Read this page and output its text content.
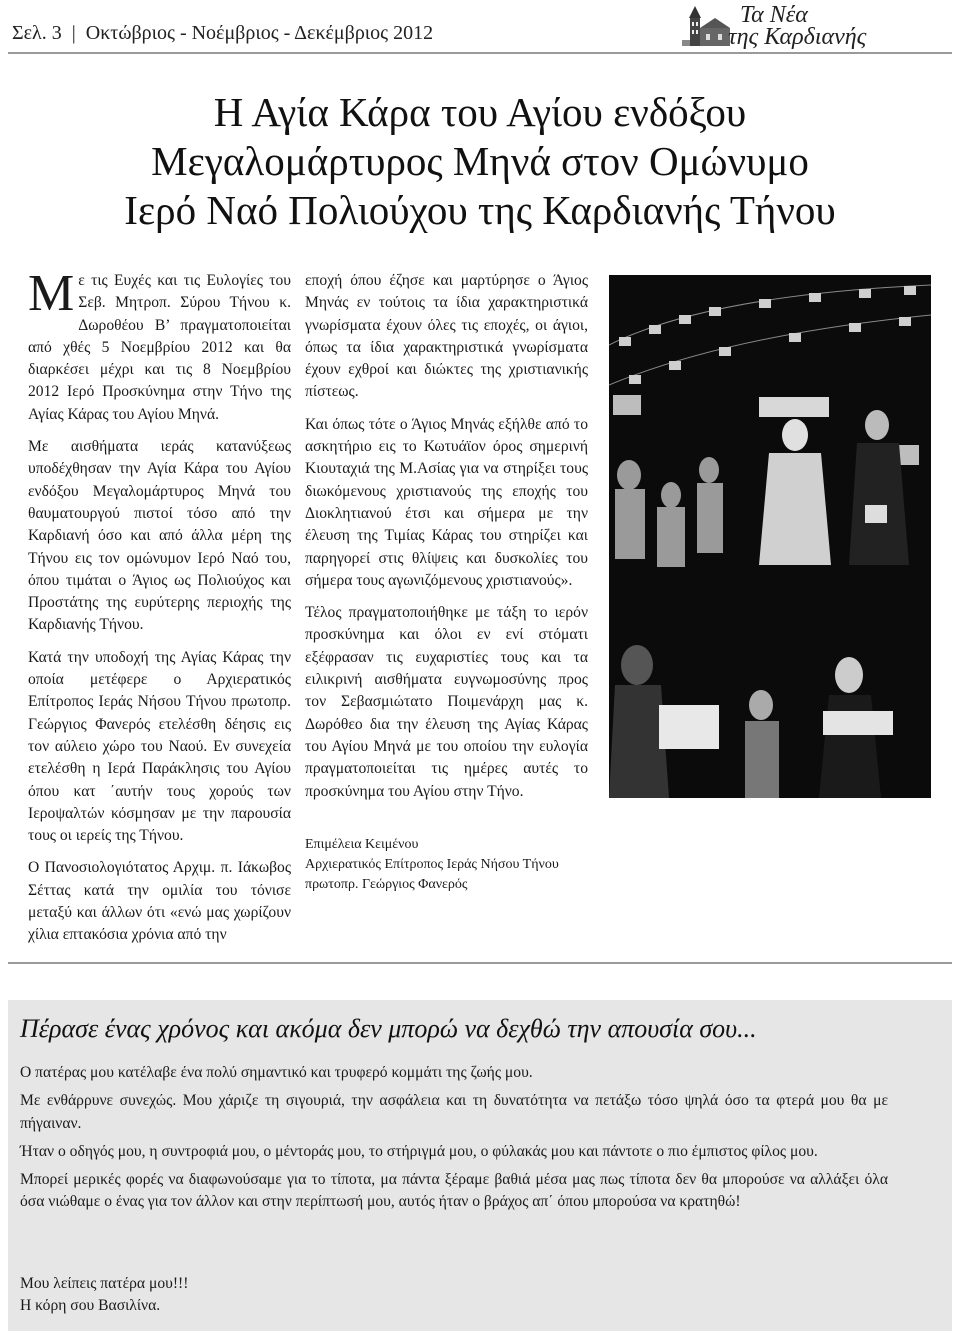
Σελ. 3 | Οκτώβριος - Νοέμβριος - Δεκέμβριος 2012
Τα Νέα
της Καρδιανής
Η Αγία Κάρα του Αγίου ενδόξου
Μεγαλομάρτυρος Μηνά στον Ομώνυμο
Ιερό Ναό Πολιούχου της Καρδιανής Τήνου

Με τις Ευχές και τις Ευλογίες του Σεβ. Μητροπ. Σύρου Τήνου κ. Δωροθέου Β’ πραγματοποιείται από χθές 5 Νοεμβρίου 2012 και θα διαρκέσει μέχρι και τις 8 Νοεμβρίου 2012 Ιερό Προσκύνημα στην Τήνο της Αγίας Κάρας του Αγίου Μηνά.

Με αισθήματα ιεράς κατανύξεως υποδέχθησαν την Αγία Κάρα του Αγίου ενδόξου Μεγαλομάρτυρος Μηνά του θαυματουργού πιστοί τόσο από την Καρδιανή όσο και από άλλα μέρη της Τήνου εις τον ομώνυμον Ιερό Ναό του, όπου τιμάται ο Άγιος ως Πολιούχος και Προστάτης της ευρύτερης περιοχής της Καρδιανής Τήνου.

Κατά την υποδοχή της Αγίας Κάρας την οποία μετέφερε ο Αρχιερατικός Επίτροπος Ιεράς Νήσου Τήνου πρωτοπρ. Γεώργιος Φανερός ετελέσθη δέησις εις τον αύλειο χώρο του Ναού. Εν συνεχεία ετελέσθη η Ιερά Παράκλησις του Αγίου όπου κατ ΄αυτήν τους χορούς των Ιεροψαλτών κόσμησαν με την παρουσία τους οι ιερείς της Τήνου.

Ο Πανοσιολογιότατος Αρχιμ. π. Ιάκωβος Σέττας κατά την ομιλία του τόνισε μεταξύ και άλλων ότι «ενώ μας χωρίζουν χίλια επτακόσια χρόνια από την

εποχή όπου έζησε και μαρτύρησε ο Άγιος Μηνάς εν τούτοις τα ίδια χαρακτηριστικά γνωρίσματα έχουν όλες τις εποχές, οι άγιοι, όπως τα ίδια χαρακτηριστικά γνωρίσματα έχουν εχθροί και διώκτες της χριστιανικής πίστεως.

Και όπως τότε ο Άγιος Μηνάς εξήλθε από το ασκητήριο εις το Κωτυάϊον όρος σημερινή Κιουταχιά της Μ.Ασίας για να στηρίξει τους διωκόμενους χριστιανούς της εποχής του Διοκλητιανού έτσι και σήμερα με την έλευση της Τιμίας Κάρας του στηρίζει και παρηγορεί στις θλίψεις και δυσκολίες του σήμερα τους αγωνιζόμενους χριστιανούς».

Τέλος πραγματοποιήθηκε με τάξη το ιερόν προσκύνημα και όλοι εν ενί στόματι εξέφρασαν τις ευχαριστίες τους και τα ειλικρινή αισθήματα ευγνωμοσύνης προς τον Σεβασμιώτατο Ποιμενάρχη μας κ. Δωρόθεο δια την έλευση της Αγίας Κάρας του Αγίου Μηνά με του οποίου την ευλογία πραγματοποιείται τις ημέρες αυτές το προσκύνημα του Αγίου στην Τήνο.

Επιμέλεια Κειμένου
Αρχιερατικός Επίτροπος Ιεράς Νήσου Τήνου
πρωτοπρ. Γεώργιος Φανερός
Πέρασε ένας χρόνος και ακόμα δεν μπορώ να δεχθώ την απουσία σου...

Ο πατέρας μου κατέλαβε ένα πολύ σημαντικό και τρυφερό κομμάτι της ζωής μου.

Με ενθάρρυνε συνεχώς. Μου χάριζε τη σιγουριά, την ασφάλεια και τη δυνατότητα να πετάξω τόσο ψηλά όσο τα φτερά μου θα με πήγαιναν.

Ήταν ο οδηγός μου, η συντροφιά μου, ο μέντοράς μου, το στήριγμά μου, ο φύλακάς μου και πάντοτε ο πιο έμπιστος φίλος μου.

Μπορεί μερικές φορές να διαφωνούσαμε για το τίποτα, μα πάντα ξέραμε βαθιά μέσα μας πως τίποτα δεν θα μπορούσε να αλλάξει όλα όσα νιώθαμε ο ένας για τον άλλον και στην περίπτωσή μου, αυτός ήταν ο βράχος απ΄ όπου μπορούσα να κρατηθώ!

Μου λείπεις πατέρα μου!!!
Η κόρη σου Βασιλίνα.
